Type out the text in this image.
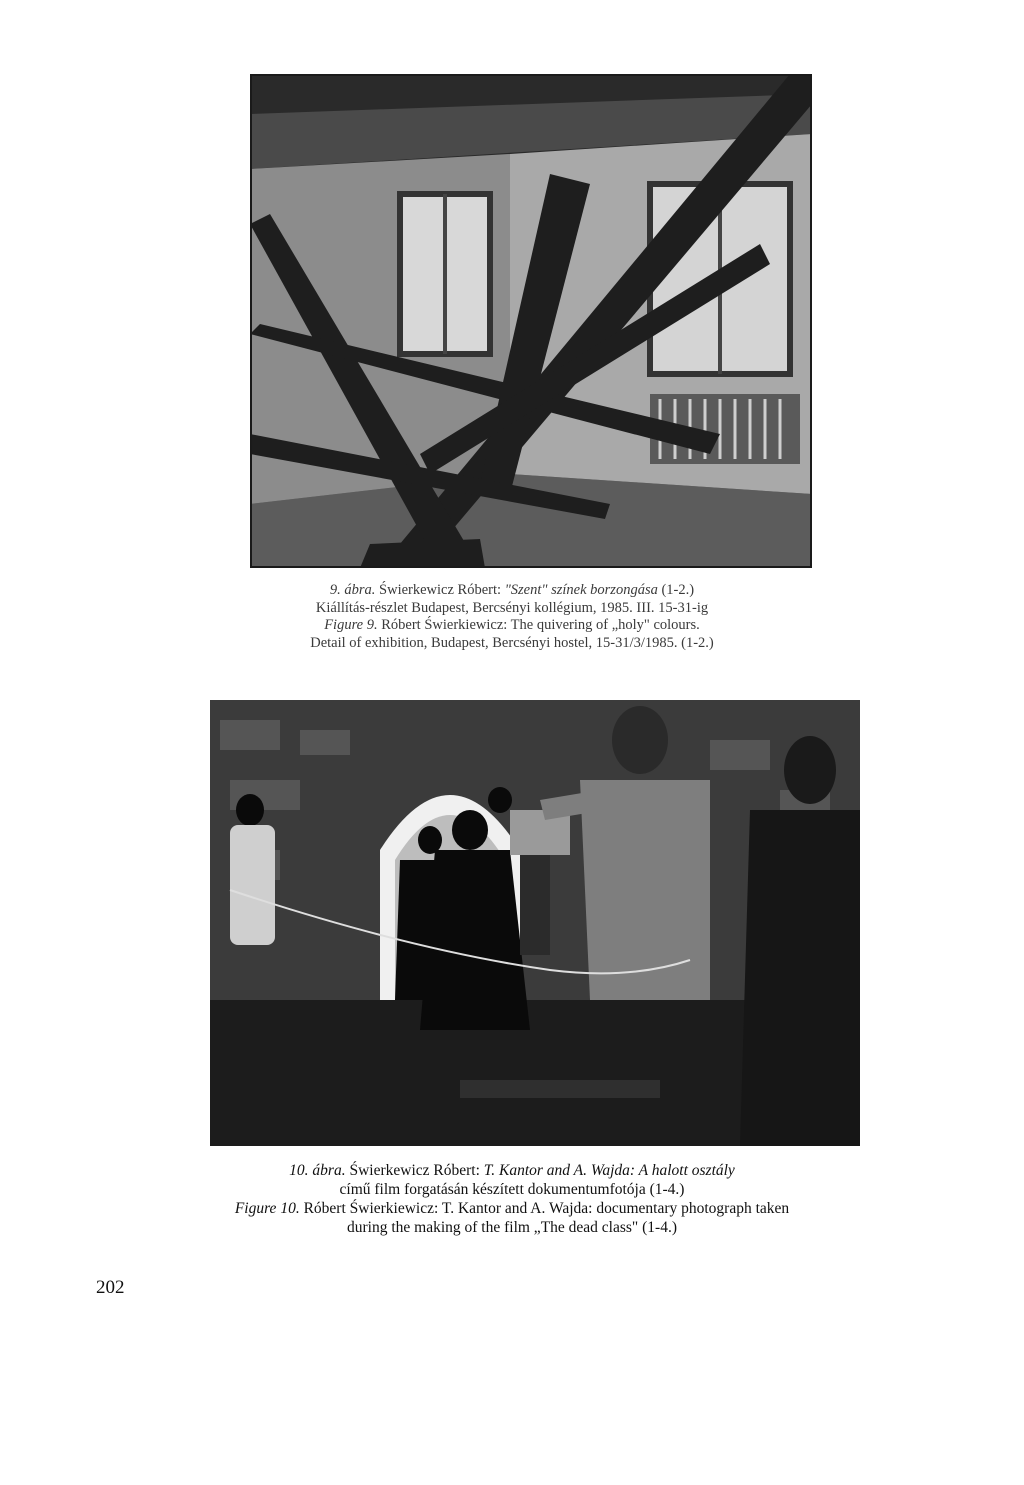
9. ábra. Świerkewicz Róbert: "Szent" színek borzongása (1-2.)
Kiállítás-részlet Budapest, Bercsényi kollégium, 1985. III. 15-31-ig
Figure 9. Róbert Świerkiewicz: The quivering of „holy" colours.
Detail of exhibition, Budapest, Bercsényi hostel, 15-31/3/1985. (1-2.)
10. ábra. Świerkewicz Róbert: T. Kantor and A. Wajda: A halott osztály
című film forgatásán készített dokumentumfotója (1-4.)
Figure 10. Róbert Świerkiewicz: T. Kantor and A. Wajda: documentary photograph taken
during the making of the film „The dead class" (1-4.)
202
